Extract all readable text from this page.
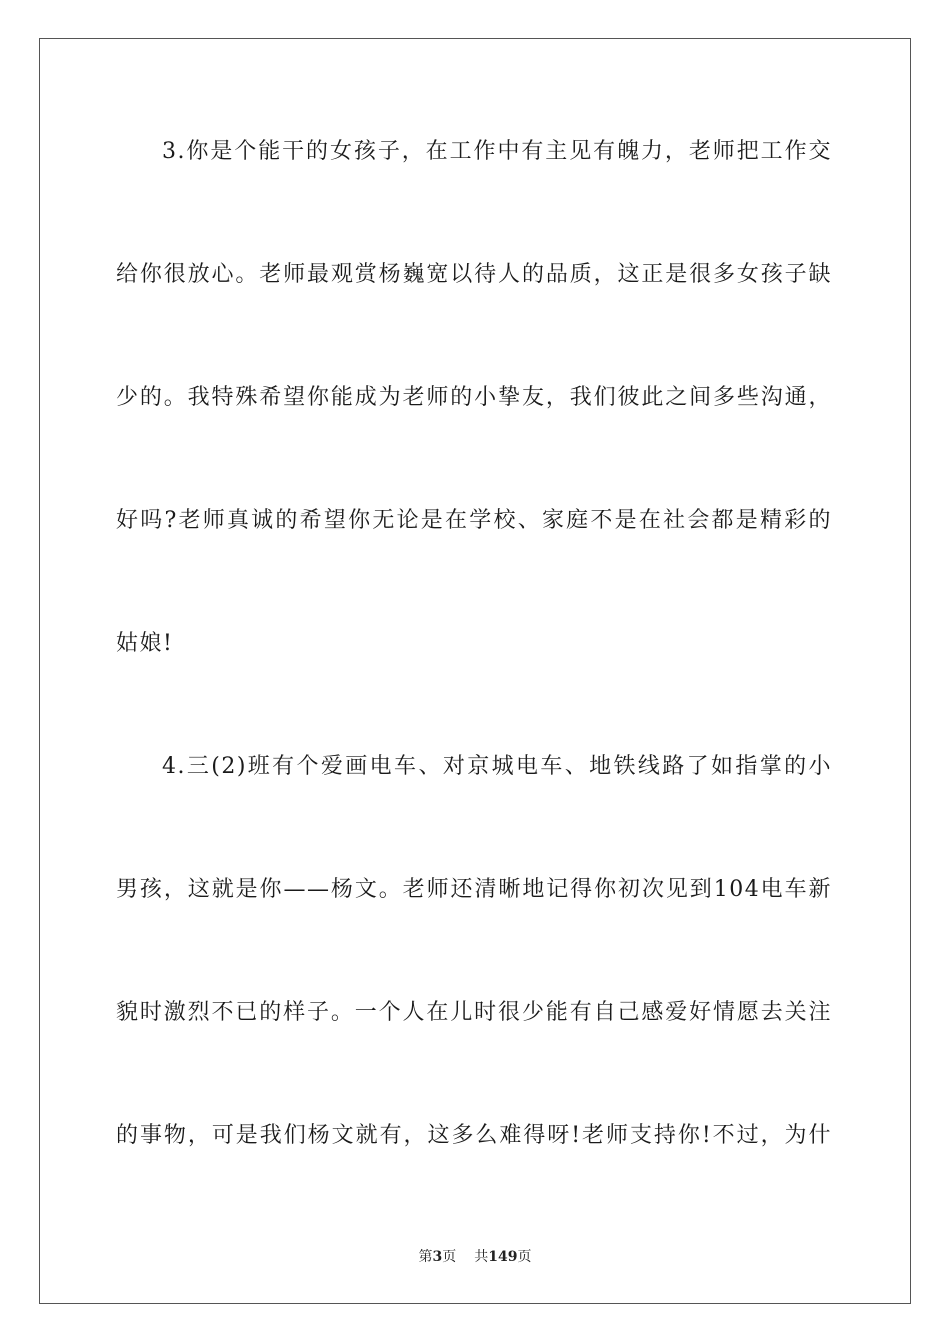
3.你是个能干的女孩子，在工作中有主见有魄力，老师把工作交
给你很放心。老师最观赏杨巍宽以待人的品质，这正是很多女孩子缺
少的。我特殊希望你能成为老师的小挚友，我们彼此之间多些沟通，
好吗?老师真诚的希望你无论是在学校、家庭不是在社会都是精彩的
姑娘!
4.三(2)班有个爱画电车、对京城电车、地铁线路了如指掌的小
男孩，这就是你——杨文。老师还清晰地记得你初次见到104电车新
貌时激烈不已的样子。一个人在儿时很少能有自己感爱好情愿去关注
的事物，可是我们杨文就有，这多么难得呀!老师支持你!不过，为什
第3页 共149页
